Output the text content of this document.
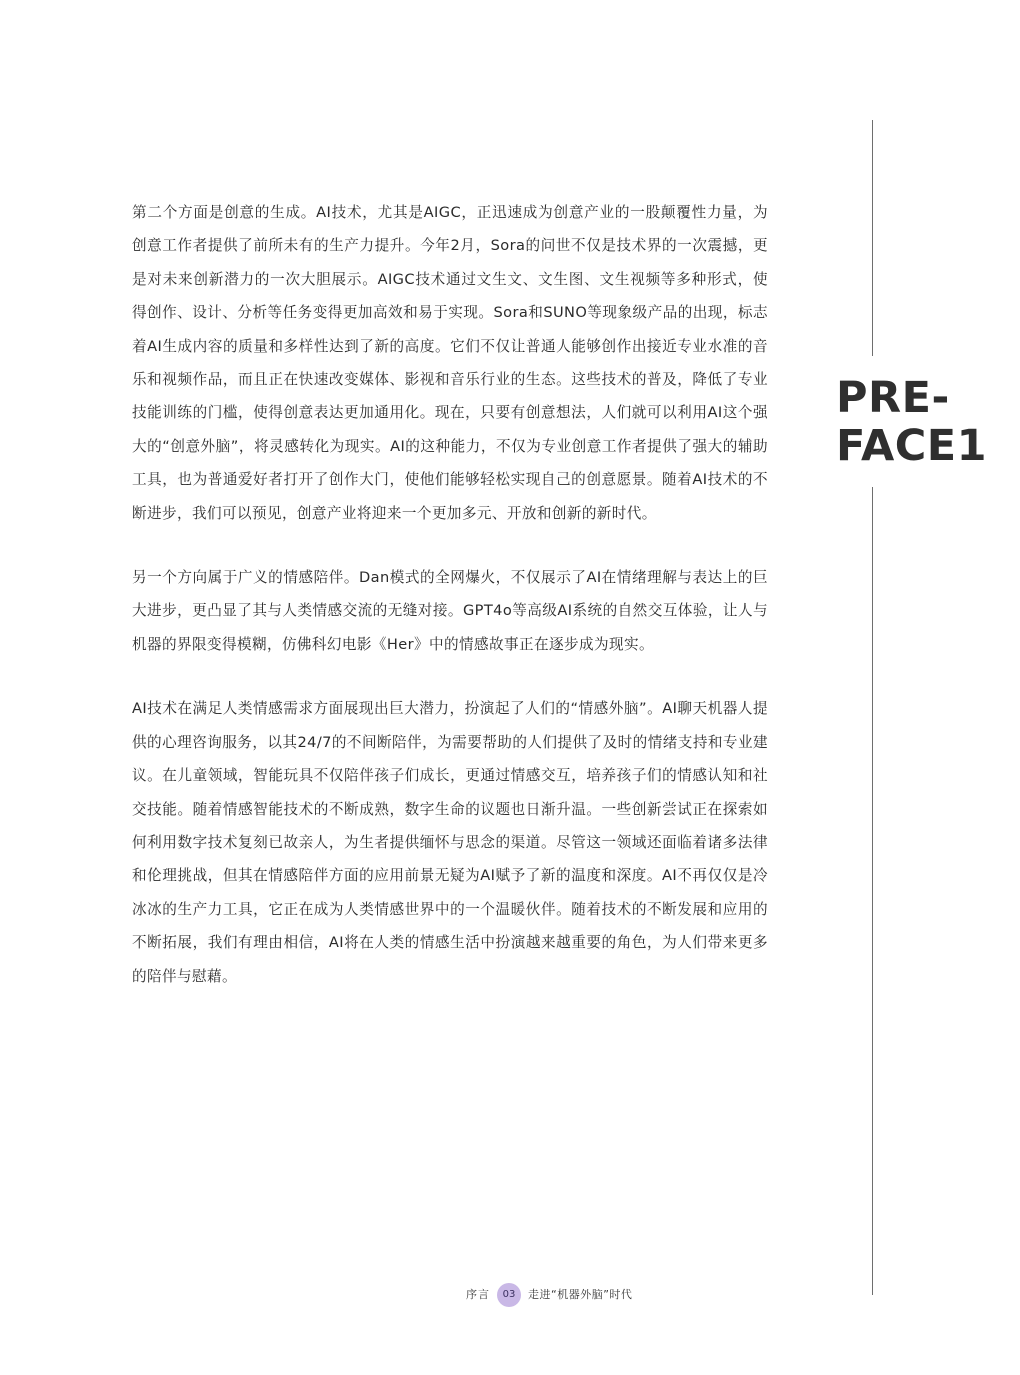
第二个方面是创意的生成。AI技术，尤其是AIGC，正迅速成为创意产业的一股颠覆性力量，为创意工作者提供了前所未有的生产力提升。今年2月，Sora的问世不仅是技术界的一次震撼，更是对未来创新潜力的一次大胆展示。AIGC技术通过文生文、文生图、文生视频等多种形式，使得创作、设计、分析等任务变得更加高效和易于实现。Sora和SUNO等现象级产品的出现，标志着AI生成内容的质量和多样性达到了新的高度。它们不仅让普通人能够创作出接近专业水准的音乐和视频作品，而且正在快速改变媒体、影视和音乐行业的生态。这些技术的普及，降低了专业技能训练的门槛，使得创意表达更加通用化。现在，只要有创意想法，人们就可以利用AI这个强大的“创意外脑”，将灵感转化为现实。AI的这种能力，不仅为专业创意工作者提供了强大的辅助工具，也为普通爱好者打开了创作大门，使他们能够轻松实现自己的创意愿景。随着AI技术的不断进步，我们可以预见，创意产业将迎来一个更加多元、开放和创新的新时代。

另一个方向属于广义的情感陪伴。Dan模式的全网爆火，不仅展示了AI在情绪理解与表达上的巨大进步，更凸显了其与人类情感交流的无缝对接。GPT4o等高级AI系统的自然交互体验，让人与机器的界限变得模糊，仿佛科幻电影《Her》中的情感故事正在逐步成为现实。

AI技术在满足人类情感需求方面展现出巨大潜力，扮演起了人们的“情感外脑”。AI聊天机器人提供的心理咨询服务，以其24/7的不间断陪伴，为需要帮助的人们提供了及时的情绪支持和专业建议。在儿童领域，智能玩具不仅陪伴孩子们成长，更通过情感交互，培养孩子们的情感认知和社交技能。随着情感智能技术的不断成熟，数字生命的议题也日渐升温。一些创新尝试正在探索如何利用数字技术复刻已故亲人，为生者提供缅怀与思念的渠道。尽管这一领域还面临着诸多法律和伦理挑战，但其在情感陪伴方面的应用前景无疑为AI赋予了新的温度和深度。AI不再仅仅是冷冰冰的生产力工具，它正在成为人类情感世界中的一个温暖伙伴。随着技术的不断发展和应用的不断拓展，我们有理由相信，AI将在人类的情感生活中扮演越来越重要的角色，为人们带来更多的陪伴与慰藉。

PRE-
FACE1
序言	03	走进“机器外脑”时代
